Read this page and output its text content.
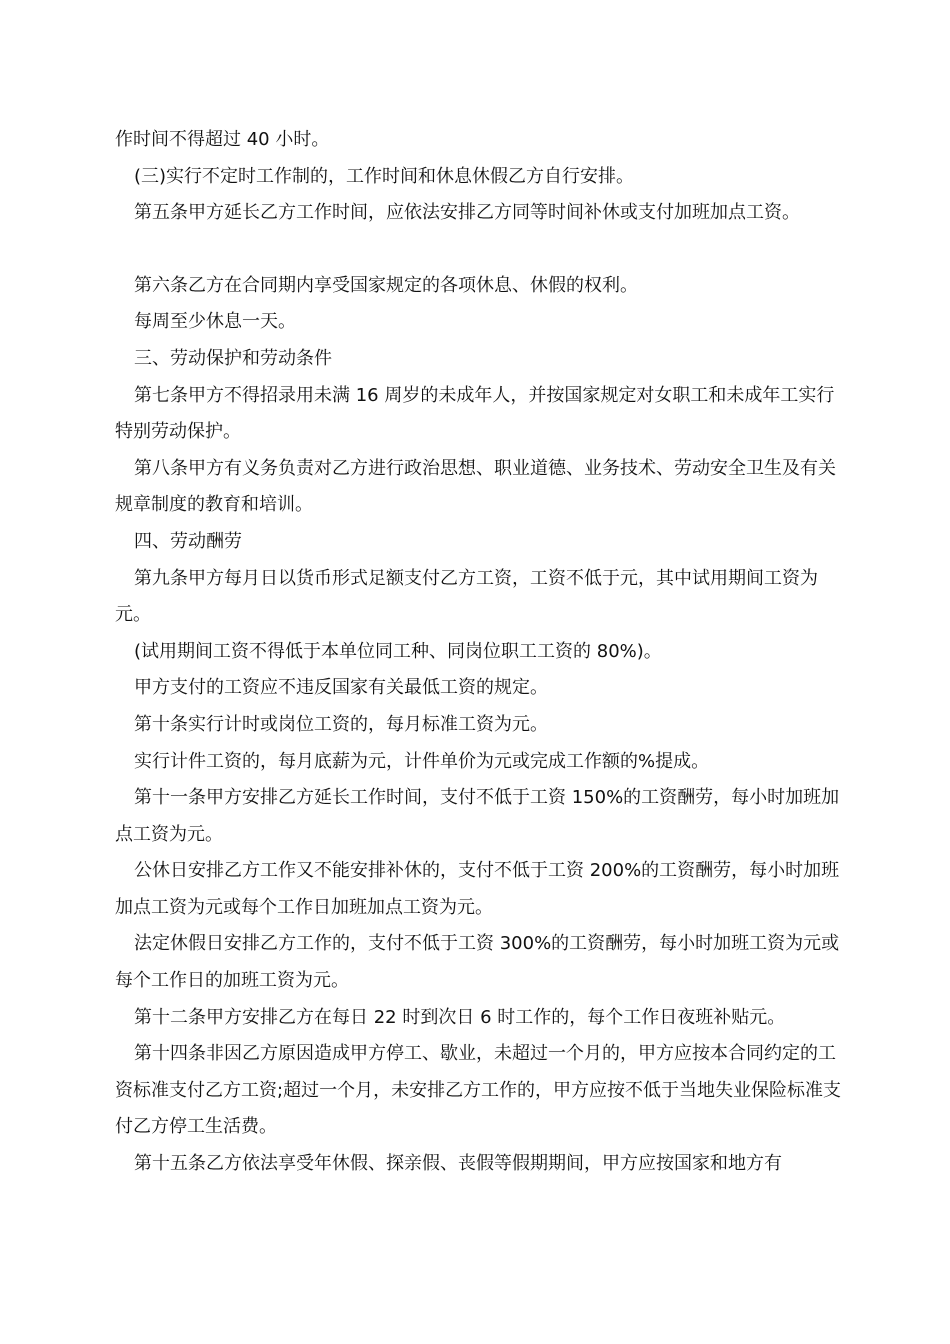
作时间不得超过 40 小时。

(三)实行不定时工作制的，工作时间和休息休假乙方自行安排。

第五条甲方延长乙方工作时间，应依法安排乙方同等时间补休或支付加班加点工资。

第六条乙方在合同期内享受国家规定的各项休息、休假的权利。

每周至少休息一天。

三、劳动保护和劳动条件

第七条甲方不得招录用未满 16 周岁的未成年人，并按国家规定对女职工和未成年工实行特别劳动保护。

第八条甲方有义务负责对乙方进行政治思想、职业道德、业务技术、劳动安全卫生及有关规章制度的教育和培训。

四、劳动酬劳

第九条甲方每月日以货币形式足额支付乙方工资，工资不低于元，其中试用期间工资为元。

(试用期间工资不得低于本单位同工种、同岗位职工工资的 80%)。

甲方支付的工资应不违反国家有关最低工资的规定。

第十条实行计时或岗位工资的，每月标准工资为元。

实行计件工资的，每月底薪为元，计件单价为元或完成工作额的%提成。

第十一条甲方安排乙方延长工作时间，支付不低于工资 150%的工资酬劳，每小时加班加点工资为元。

公休日安排乙方工作又不能安排补休的，支付不低于工资 200%的工资酬劳，每小时加班加点工资为元或每个工作日加班加点工资为元。

法定休假日安排乙方工作的，支付不低于工资 300%的工资酬劳，每小时加班工资为元或每个工作日的加班工资为元。

第十二条甲方安排乙方在每日 22 时到次日 6 时工作的，每个工作日夜班补贴元。

第十四条非因乙方原因造成甲方停工、歇业，未超过一个月的，甲方应按本合同约定的工资标准支付乙方工资;超过一个月，未安排乙方工作的，甲方应按不低于当地失业保险标准支付乙方停工生活费。

第十五条乙方依法享受年休假、探亲假、丧假等假期期间，甲方应按国家和地方有
